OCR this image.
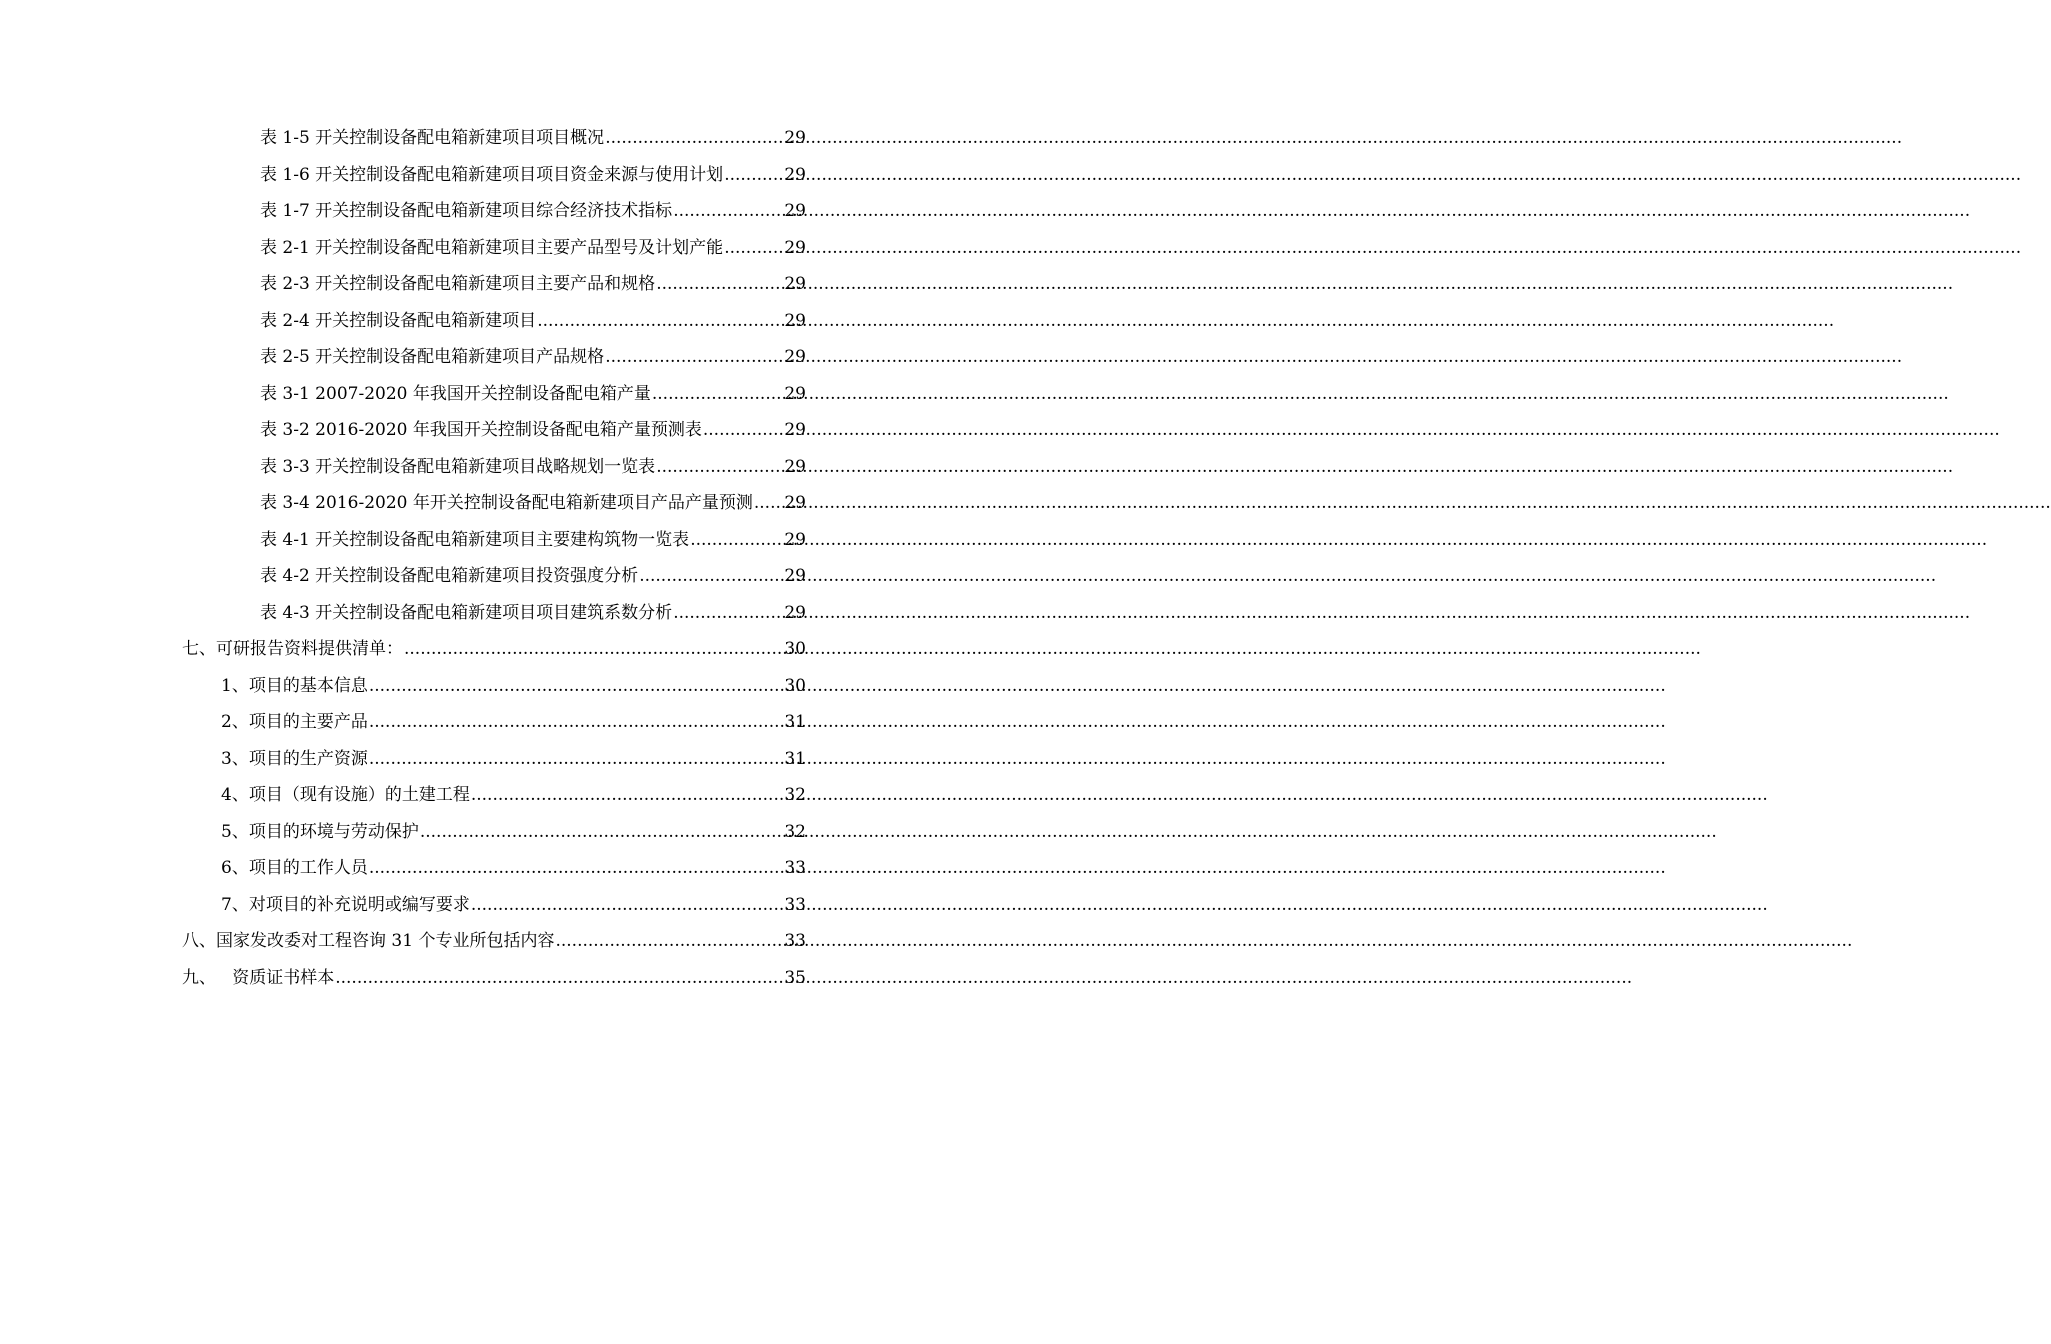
表 1-5 开关控制设备配电箱新建项目项目概况 .....	29
表 1-6 开关控制设备配电箱新建项目项目资金来源与使用计划 .....	29
表 1-7 开关控制设备配电箱新建项目综合经济技术指标 .....	29
表 2-1 开关控制设备配电箱新建项目主要产品型号及计划产能 .....	29
表 2-3 开关控制设备配电箱新建项目主要产品和规格 .....	29
表 2-4 开关控制设备配电箱新建项目 .....	29
表 2-5 开关控制设备配电箱新建项目产品规格 .....	29
表 3-1 2007-2020 年我国开关控制设备配电箱产量 .....	29
表 3-2 2016-2020 年我国开关控制设备配电箱产量预测表 .....	29
表 3-3 开关控制设备配电箱新建项目战略规划一览表 .....	29
表 3-4 2016-2020 年开关控制设备配电箱新建项目产品产量预测 ..... 29
表 4-1 开关控制设备配电箱新建项目主要建构筑物一览表 .....	29
表 4-2 开关控制设备配电箱新建项目投资强度分析 .....	29
表 4-3 开关控制设备配电箱新建项目项目建筑系数分析 .....	29
七、可研报告资料提供清单： .....	30
1、项目的基本信息 .....	30
2、项目的主要产品 .....	31
3、项目的生产资源 .....	31
4、项目（现有设施）的土建工程 .....	32
5、项目的环境与劳动保护 .....	32
6、项目的工作人员 .....	33
7、对项目的补充说明或编写要求 .....	33
八、国家发改委对工程咨询 31 个专业所包括内容 .....	33
九、   资质证书样本 .....	35
